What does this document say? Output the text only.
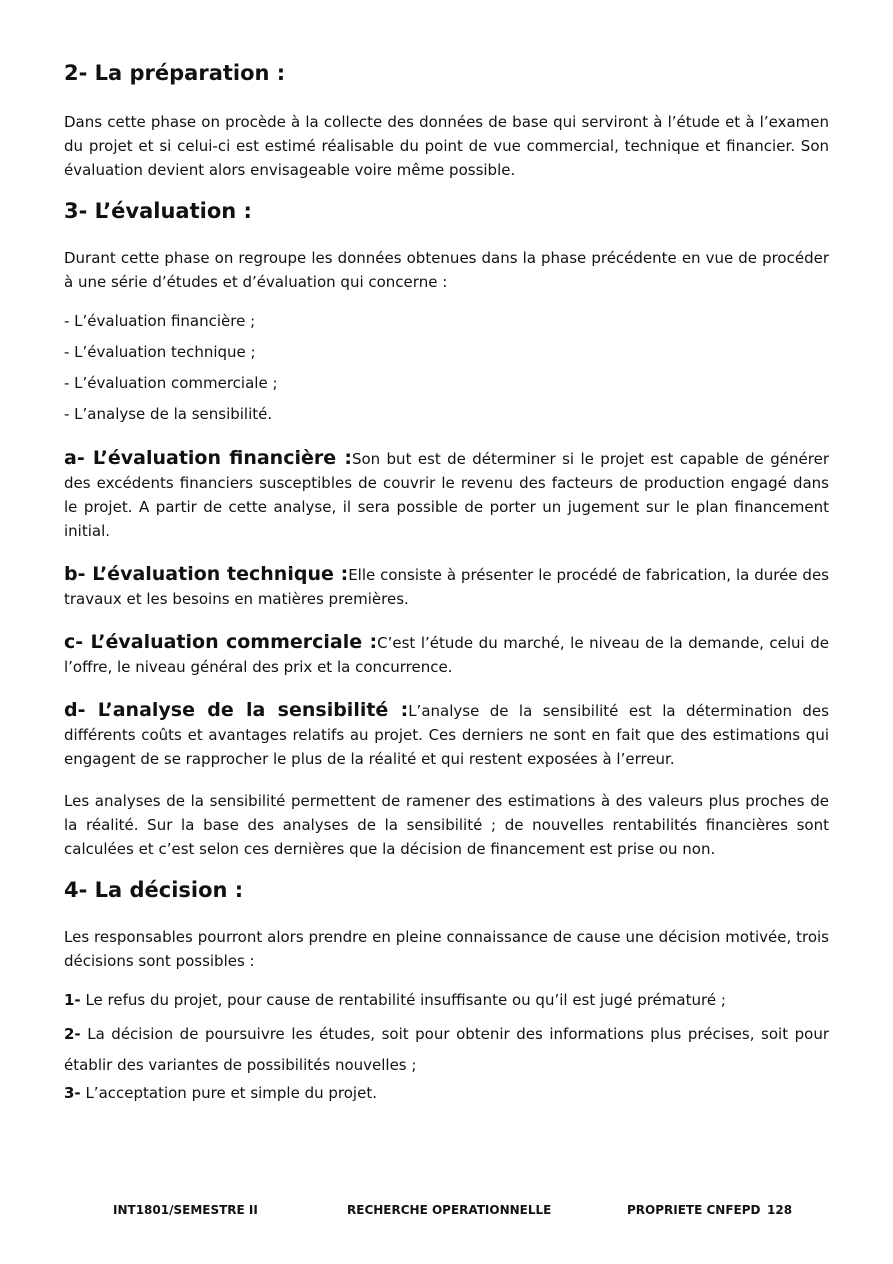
2- La préparation :

Dans cette phase on procède à la collecte des données de base qui serviront à l’étude et à l’examen du projet et si celui-ci est estimé réalisable du point de vue commercial, technique et financier. Son évaluation devient alors envisageable voire même possible.

3- L’évaluation :

Durant cette phase on regroupe les données obtenues dans la phase précédente en vue de procéder à une série d’études et d’évaluation qui concerne :

- L’évaluation financière ;
- L’évaluation technique ;
- L’évaluation commerciale ;
- L’analyse de la sensibilité.

a- L’évaluation financière :Son but est de déterminer si le projet est capable de générer des excédents financiers susceptibles de couvrir le revenu des facteurs de production engagé dans le projet. A partir de cette analyse, il sera possible de porter un jugement sur le plan financement initial.

b- L’évaluation technique :Elle consiste à présenter le procédé de fabrication, la durée des travaux et les besoins en matières premières.

c- L’évaluation commerciale :C’est l’étude du marché, le niveau de la demande, celui de l’offre, le niveau général des prix et la concurrence.

d- L’analyse de la sensibilité :L’analyse de la sensibilité est la détermination des différents coûts et avantages relatifs au projet. Ces derniers ne sont en fait que des estimations qui engagent de se rapprocher le plus de la réalité et qui restent exposées à l’erreur.

Les analyses de la sensibilité permettent de ramener des estimations à des valeurs plus proches de la réalité. Sur la base des analyses de la sensibilité ; de nouvelles rentabilités financières sont calculées et c’est selon ces dernières que la décision de financement est prise ou non.

4- La décision :

Les responsables pourront alors prendre en pleine connaissance de cause une décision motivée, trois décisions sont possibles :

1- Le refus du projet, pour cause de rentabilité insuffisante ou qu’il est jugé prématuré ;

2- La décision de poursuivre les études, soit pour obtenir des informations plus précises, soit pour établir des variantes de possibilités nouvelles ;

3- L’acceptation pure et simple du projet.

INT1801/SEMESTRE II	RECHERCHE OPERATIONNELLE	PROPRIETE CNFEPD 128
